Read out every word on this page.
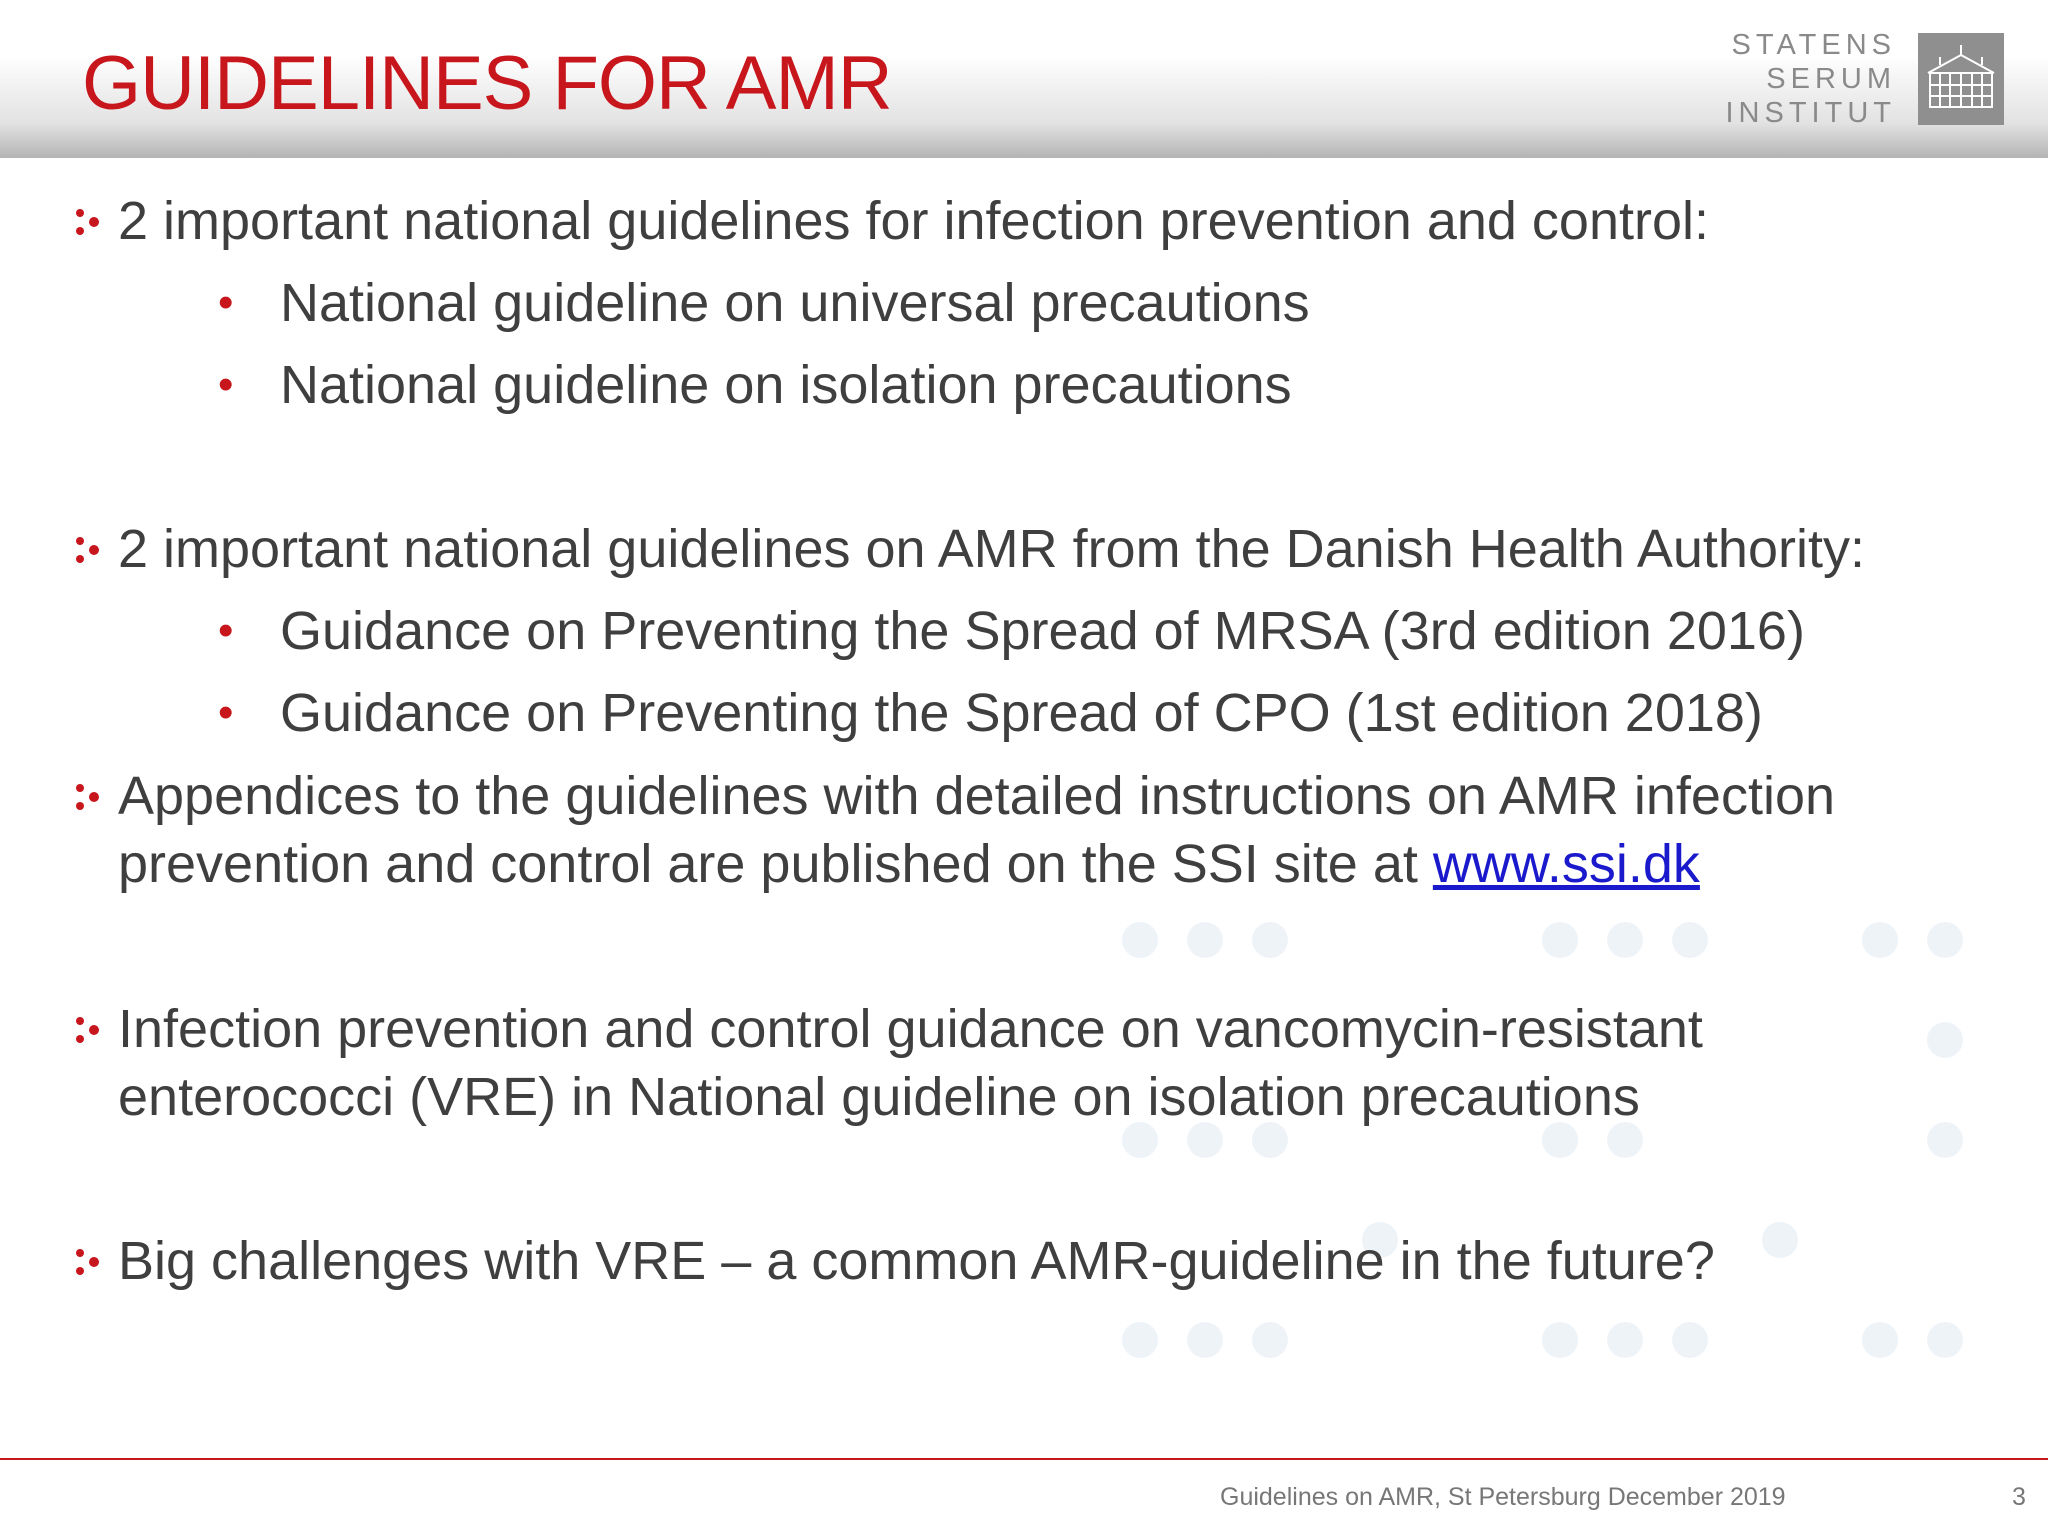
GUIDELINES FOR AMR	STATENS
SERUM
INSTITUT
2 important national guidelines for infection prevention and control:
• National guideline on universal precautions
• National guideline on isolation precautions
2 important national guidelines on AMR from the Danish Health Authority:
• Guidance on Preventing the Spread of MRSA (3rd edition 2016)
• Guidance on Preventing the Spread of CPO (1st edition 2018)
Appendices to the guidelines with detailed instructions on AMR infection
prevention and control are published on the SSI site at www.ssi.dk
Infection prevention and control guidance on vancomycin-resistant
enterococci (VRE) in National guideline on isolation precautions
Big challenges with VRE – a common AMR-guideline in the future?
Guidelines on AMR, St Petersburg December 2019	3
